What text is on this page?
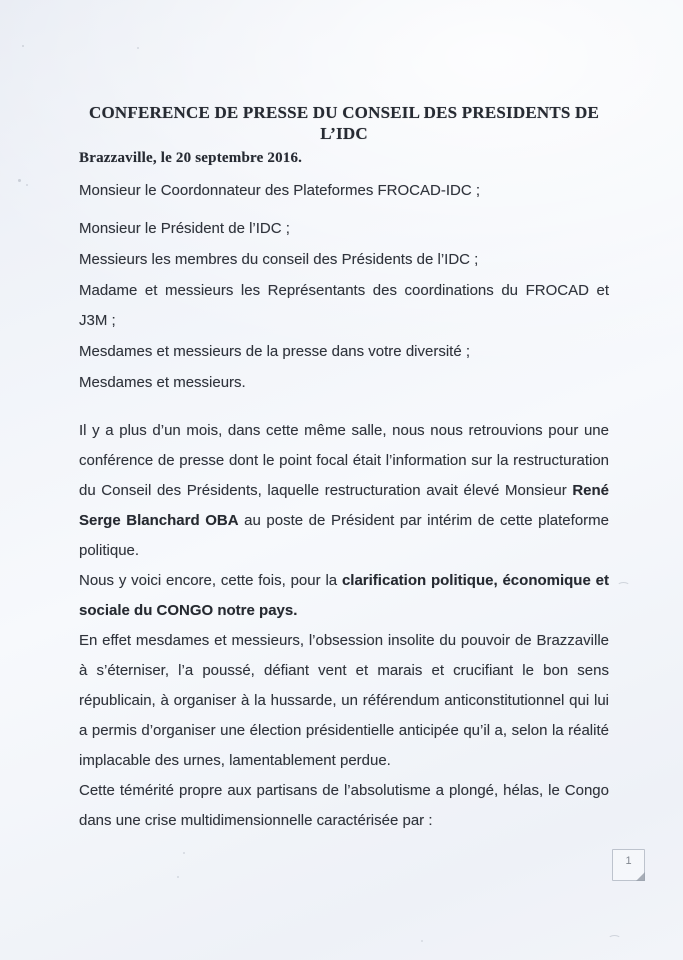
CONFERENCE DE PRESSE DU CONSEIL DES PRESIDENTS DE
L’IDC

Brazzaville, le 20 septembre 2016.

Monsieur le Coordonnateur des Plateformes FROCAD-IDC ;

Monsieur le Président de l’IDC ;

Messieurs les membres du conseil des Présidents de l’IDC ;

Madame et messieurs les Représentants des coordinations du FROCAD et J3M ;

Mesdames et messieurs de la presse dans votre diversité ;

Mesdames et messieurs.

Il y a plus d’un mois, dans cette même salle, nous nous retrouvions pour une conférence de presse dont le point focal était l’information sur la restructuration du Conseil des Présidents, laquelle restructuration avait élevé Monsieur René Serge Blanchard OBA au poste de Président par intérim de cette plateforme politique.

Nous y voici encore, cette fois, pour la clarification politique, économique et sociale du CONGO notre pays.

En effet mesdames et messieurs, l’obsession insolite du pouvoir de Brazzaville à s’éterniser, l’a poussé, défiant vent et marais et crucifiant le bon sens républicain, à organiser à la hussarde, un référendum anticonstitutionnel qui lui a permis d’organiser une élection présidentielle anticipée qu’il a, selon la réalité implacable des urnes, lamentablement perdue.

Cette témérité propre aux partisans de l’absolutisme a plongé, hélas, le Congo dans une crise multidimensionnelle caractérisée par :

1
